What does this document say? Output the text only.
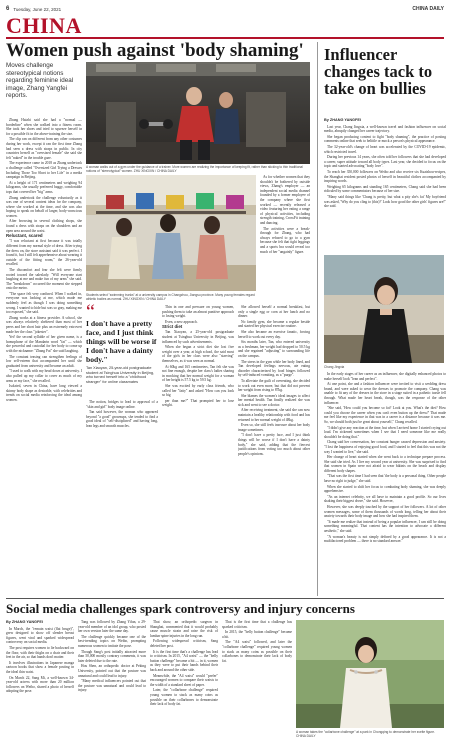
6 Tuesday, June 22, 2021	CHINA DAILY
CHINA
Women push against 'body shaming'
Moves challenge stereotypical notions regarding feminine ideal image, Zhang Yangfei reports.

Zhang Haizhi said she had a "normal — borderline" when she walked into a fitness room. She took her shoes and tried to squeeze herself in for a possible fit in the above-training the size.

The clip ran on different from any other costumes during her work, except it ran the first time Zhang had seen a dress with straps in public. In city countries herself as "oversized female" she said she felt "naked" in the trouble gaze.

The experience came in 2018 as Zhang undertook a challenge called "Oversized Girl Trying a Dresses Including Those Too Short to her Life" in a media campaign in Beijing.

At a height of 171 centimeters and weighing 94 kilograms, she usually preferred baggy, comfortable tops that covered her "big" arms.

Zhang undertook the challenge voluntarily as it was one of several content ideas for the company, where she worked at the time, and she was also hoping to speak on behalf of larger, body-conscious women.

After browsing in several clothing shops, she found a dress with straps on the shoulders and an open area around the waist.

Reluctant, scared

"I was reluctant at first because it was totally different from my normal style of dress. After trying the dress on, the store assistant said it was perfect. I found it, but I still felt apprehensive about wearing it outside of the fitting room," the 26-year-old recalled.

The discomfort and fear she felt were firmly rooted toward the saleslady. "Will everyone start laughing at me and make fun of my arms" she said. The "breakdown" occurred the moment she stepped onto the metro.

"The space felt very confined. When I walked in, everyone was looking at me, which made me suddenly feel as though I was doing something wrong. I wanted to hide but was so gray, making me too exposed," she said.

Zhang works at a fitness provider. A school, she was always relatively sheltered than most of her peers and her short hair plus an extremely extrovert made her the class "jokester".

Yet! the second syllable of her given name, is a homophone of the Mandarin word "fat" — which she powerful and custodial for her body to come up with the nickname: "Zhang Fat" she said laughing.

The constant teasing can strengthen feelings of low self-esteem that accompanied her until she graduated from university and became an adult.

"I used to walk with my head down at university. I also pulled up my collar to cover as much of my arms or my face," she recalled.

Isolated, seven in China, have long viewed a skinny body shape as desirable, with celebrities and trends on social media reinforcing the ideal among women.

A woman walks out of a gym under the guidance of a trainer. More women are realizing the importance of keeping fit, rather than sticking to thin traditional notions of "stereotypical" women. ZHU XINGXIN / CHINA DAILY
Students select "swimming trunks" at a university campus in Changzhou, Jiangsu province. Many young females regard athletic bodies as normal. ZHU XINGXIN / CHINA DAILY
“
I don't have a pretty face, and I just think things will be worse if I don't have a dainty body."
Tan Xiaoyan, 25-year-old postgraduate student at Tsinghua University in Beijing, who turned herself into a "childhood stranger" for online classmates

The notion, bridges to lead to approval of a "skin and girl" body image online.

Tan said however, the woman who appeared beyond "a good" grownups, she tended to find a good ideal of "self-disciplined" and having long, lean legs and smooth muscles.

Thin in one and pressure on young women, pushing them to take an almost punitive approach to losing weight.

Even, a new approach.

Strict diet

Tan Xiaoyan, a 25-year-old postgraduate student at Tsinghua University in Beijing, was influenced by such advertisements.

When she began a strict diet she lost five weight over a year, at high school, the said most of the girls in her class were also "starving" themselves, as it was seen as normal.

At 60kg and 165 centimeters, Tan felt she was not fine enough, despite her class's ladies sharing in mocking that her normal weight for a woman of her height is 57.5 kg to 59.5 kg.

She was excited by early class friends, who called her "fatty" and asked "How can you look so big

per than me?" That prompted her to lose weight.

She allowed herself a normal breakfast, but only a single egg or corn at her lunch and no dinner.

No family gym, she became a regular beside and started her physical exercise routine.

She also became an exercise fanatic, forcing herself to work out every day.

Six months later, Tan, who entered university as a freshman, her weight had dropped to 50.5 kg and she regained "adjusting" to surrounding life on the campus.

The stress in the gym while her body lined, and Tan developed feelings nervous, ate eating disorder characterized by food binges followed by self-induced vomiting, as a "purge".

To alleviate the guilt of overeating, she decided to work out even more, but that did not prevent her weight from rising to 87kg.

She blames the women's ideal images to affect her mental health. Tan finally realized she was sick and went to see a doctor.

After receiving treatment, she said she can now maintain a healthy relationship with food and has returned to her normal weight of 48kg.

Even so, she still feels insecure about her body image sometimes.

"I don't have a pretty face, and I just think things will be worse if I don't have a dainty body," she said, adding that the fiercest justifications from voting too much about other people's opinions.

As for whether women that they shouldn't be bothered by outside views, Zhang's employer — an independent social media channel founded by a former employee of the company where she first worked — recently released a video featuring her eating a range of physical activities, including strength training, CrossFit training and dancing.

The activities were a break-through for Zhang, who had always refused to go to a gym because she felt that tight leggings and a sports bra would reveal too much of her "ungainly" figure.

Influencer changes tack to take on bullies
By ZHANG YANGFEI

Last year, Chang Jingxia, a well-known travel and fashion influencer on social media, abruptly changed her career trajectory.

She began producing content to fight "body shaming", the practice of posting comments online that seek to belittle or mock a person's physical appearance.

The 32-year-old's change of heart was accelerated by the COVID-19 epidemic, which restricted travel.

During her previous 14 years, she often told her followers that she had developed a career, super attitude toward all body types. Last year, she decided to focus on the topic and started advocating "body love".

To reach her 350,000 followers on Weibo and also receive six Kuaishou-recipes, the Shanghai resident posted photos of herself in beautiful clothes accompanied by inspiring words.

Weighing 65 kilograms and standing 165 centimeters, Chang said she had been ridiculed by some commentators because of her size.

"Many said things like 'Chang is pretty, but what a pity she's fat' My boyfriend was asked, 'Why do you cling to (this)?' Look how good the other girls' figures are!" she said.

Chang Jingxia

In the early stages of her career as an influencer, she digitally enhanced photos to make herself look "lean and perfect".

At one point, she and a fashion influencer were invited to visit a wedding dress brand, and were asked to wear the dresses to promote the company. Chang was unable to fit any of the dresses in the store in a stage suited in a pathetic tussle fell through. What made her heart break, though, was the response of the other influencer.

"She said, 'How could you become so fat? Look at you. What's the diet? How could you choose the career when you can't even button up the dress?' That made me feel like my experience in that was in a career is a distance because it was me. So, we should both just be great about yourself," Chang recalled.

"I didn't give any reaction at the time, but when I arrived home I started crying out loud. I'm sickened sometimes when I see that I need someone like me really shouldn't be doing that."

Chang said her conversation, her constant hunger caused depression and anxiety. "I lost the happiness of enjoying good food, and I started to feel that this was not the way I wanted to live," she said.

Her change of heart started when she went back to a technique prepare process. She said she tried. As I live my second year at university. She was surprised to find that women in Spain were not afraid to wear bikinis on the beach and display different body shapes.

"That was the first time I had seen that 'the body is a personal thing. Other people have no right to judge," she said.

When she started to shift her focus to combating body shaming, she was deeply apprehensive.

"As an internet celebrity, we all have to maintain a good profile. So our lives shaking their biggest drove," she said. However,

However, she was deeply touched by the support of her followers. A lot of other women messages, some of them thousands of words long, telling her about their anxiety towards their body image and how she had inspired them.

"It made me realize that instead of being a popular influencer, I can still be doing something meaningful. That content has the intention to advocate a different aesthetic," she said.

"A woman's beauty is not simply defined by a good appearance. It is not a multifactored problem — there is no standard answer."

Social media challenges spark controversy and injury concerns
By ZHANG YANGFEI

In March, the "remain waist (flat bruge)", grew designed to show off slender breast figures, went viral and sparked widespread controversy on social media.

The post requires women to lie backward on the floor, with their thighs on a chair and their feet in the air, so that hands don't matter.

It involves illustrations in Japanese manga cartoon books that show a female posting in the ideal thin waist.

On March 22, Sang Mi, a well-known 34-year-old actress with more than 20 million followers on Weibo, shared a photo of herself adopting the pose.

Tang was followed by Zhang Yifan, a 29-year-old member of an idol group, who posted her own version later the same day.

The challenge quickly became one of the best-trending topics on Weibo, prompting numerous women to imitate the pose.

Though Sang's post initially attracted more than 50,000 mostly contrary comments, it was later deleted due to the rate.

Hou Shen, an orthopedic doctor at Peking University, pointed out that the posture was unnatural and could lead to injury.

"Many medical influencers pointed out that the posture was unnatural and could lead to injury.

That show, an orthopedic surgeon in Shanghai, commented that it would probably cause muscle strain and raise the risk of lumbar spine injuries in the long run.

Following widespread criticism, Sang deleted her post.

It is the first time that's a challenge has lead to criticism. In 2015, "A4 waist" — the "belly button challenge" became a hit — in it, women as they were to put their hands behind their back and around the other side.

Meanwhile, the "A4 waist" would "prefer" encouraged women to compare their waists to the width of a standard sheet of paper.

Later, the "collarbone challenge" required young women to stack as many coins as possible on their collarbones to demonstrate their lack of body fat.

That is the first time that a challenge has sparked criticism.

In 2015, the "belly button challenge" became a hit.

The "A4 waist" followed, and later the "collarbone challenge" required young women to stack as many coins as possible on their collarbones to demonstrate their lack of body fat.

A woman takes the "collarbone challenge" at a park in Chongqing to demonstrate her svelte figure. CHINA DAILY
